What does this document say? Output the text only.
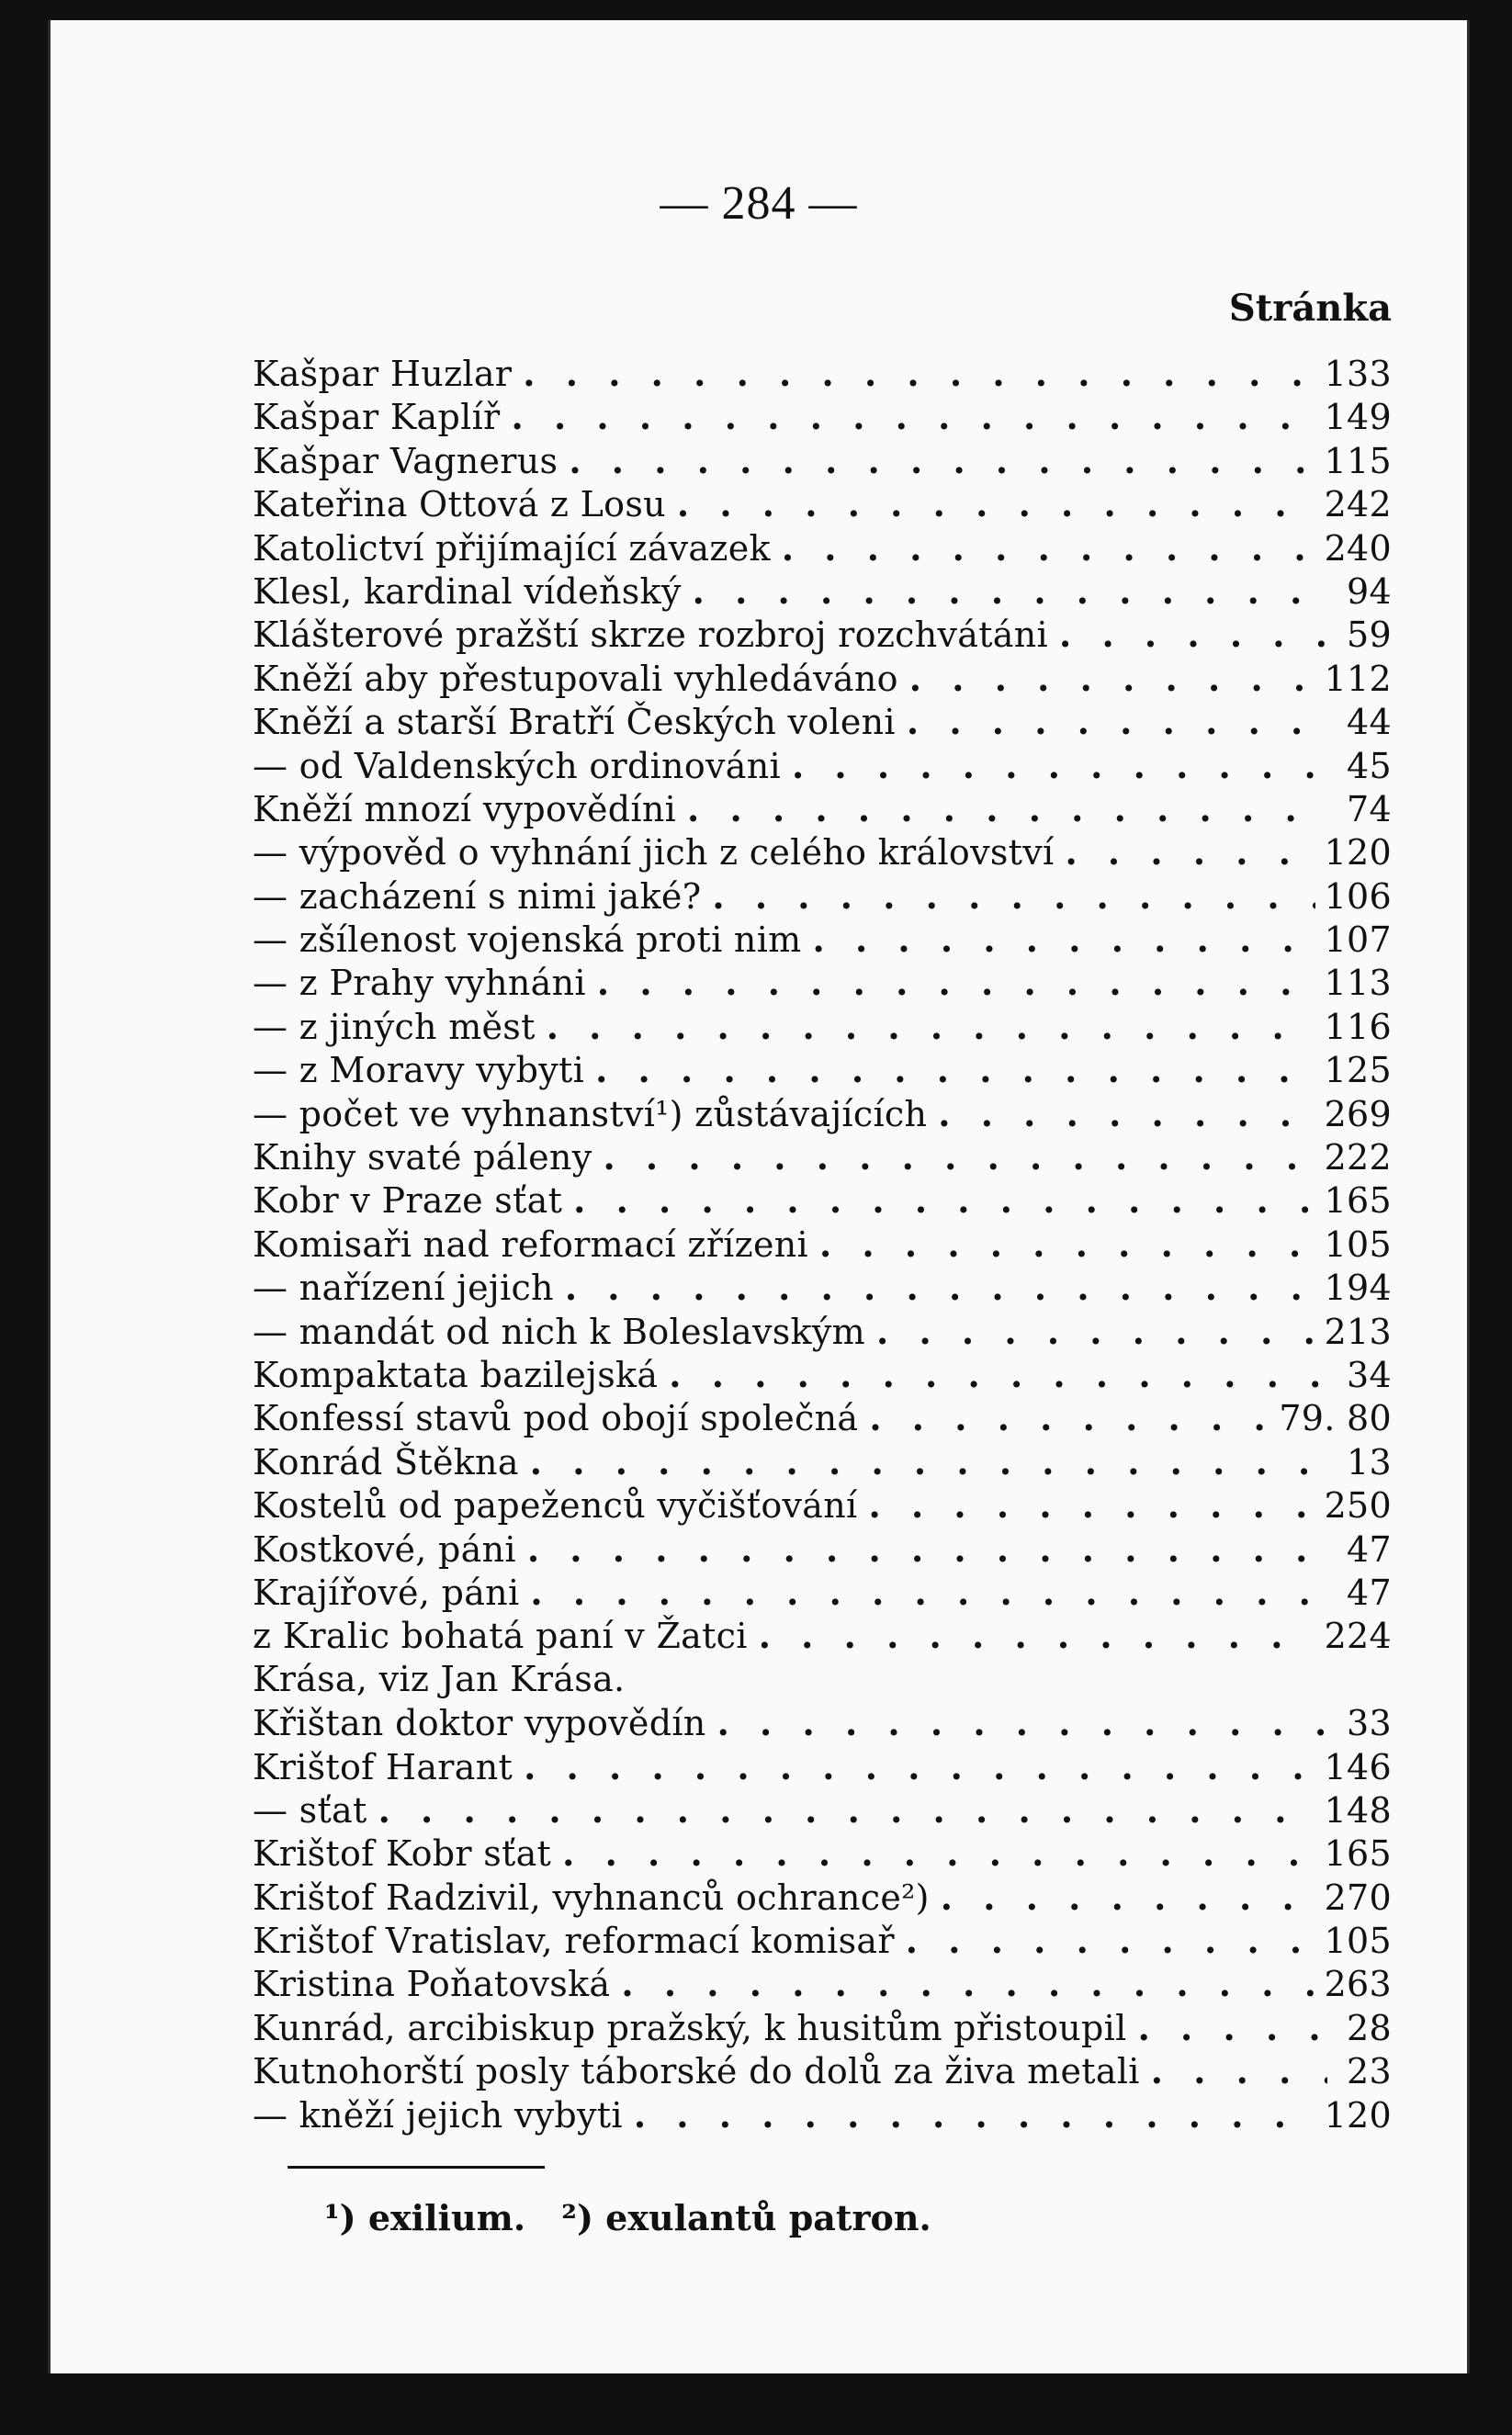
— 284 —
Stránka
Kašpar Huzlar . . .	133
Kašpar Kaplíř . . .	149
Kašpar Vagnerus . . .	115
Kateřina Ottová z Losu . . .	242
Katolictví přijímající závazek . . .	240
Klesl, kardinal vídeňský . . .	94
Klášterové pražští skrze rozbroj rozchvátáni . . .	59
Kněží aby přestupovali vyhledáváno . . .	112
Kněží a starší Bratří Českých voleni . . .	44
— od Valdenských ordinováni . . .	45
Kněží mnozí vypovědíni . . .	74
— výpověd o vyhnání jich z celého království . . .	120
— zacházení s nimi jaké? . . .	106
— zšílenost vojenská proti nim . . .	107
— z Prahy vyhnáni . . .	113
— z jiných měst . . .	116
— z Moravy vybyti . . .	125
— počet ve vyhnanství¹) zůstávajících . . .	269
Knihy svaté páleny . . .	222
Kobr v Praze sťat . . .	165
Komisaři nad reformací zřízeni . . .	105
— nařízení jejich . . .	194
— mandát od nich k Boleslavským . . .	213
Kompaktata bazilejská . . .	34
Konfessí stavů pod obojí společná . . .	79. 80
Konrád Štěkna . . .	13
Kostelů od papeženců vyčišťování . . .	250
Kostkové, páni . . .	47
Krajířové, páni . . .	47
z Kralic bohatá paní v Žatci . . .	224
Krása, viz Jan Krása.
Křištan doktor vypovědín . . .	33
Krištof Harant . . .	146
— sťat . . .	148
Krištof Kobr sťat . . .	165
Krištof Radzivil, vyhnanců ochrance²) . . .	270
Krištof Vratislav, reformací komisař . . .	105
Kristina Poňatovská . . .	263
Kunrád, arcibiskup pražský, k husitům přistoupil . . .	28
Kutnohorští posly táborské do dolů za živa metali . . .	23
— kněží jejich vybyti . . .	120
¹) exilium. ²) exulantů patron.
